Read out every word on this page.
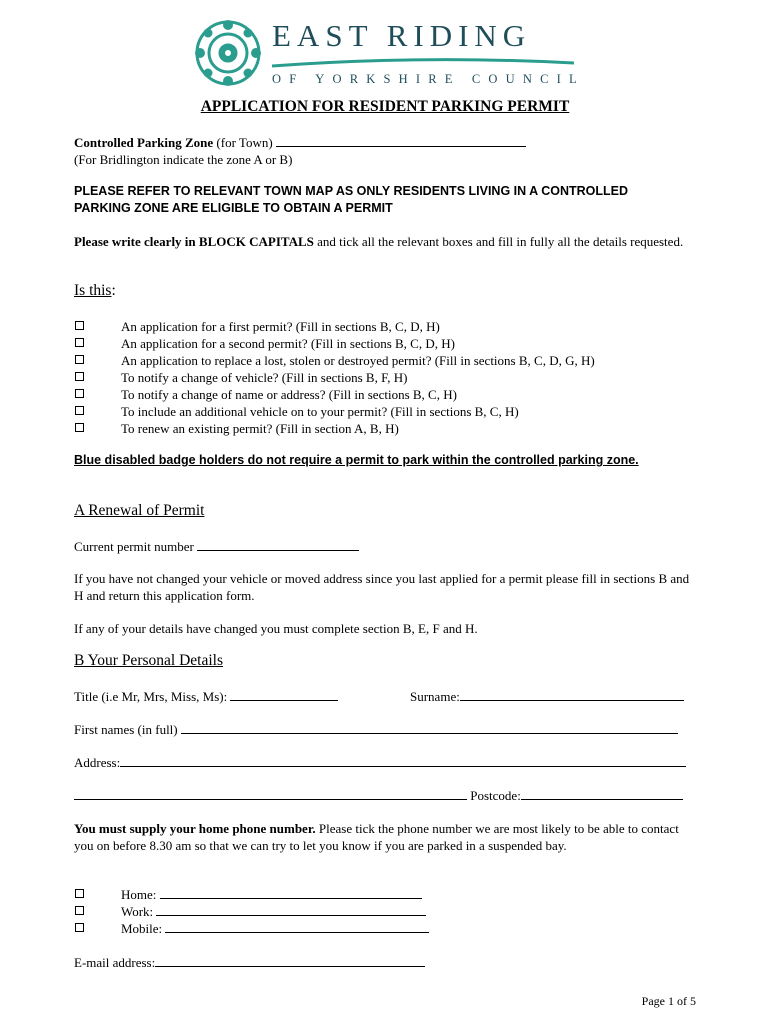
EAST RIDING
OF YORKSHIRE COUNCIL
APPLICATION FOR RESIDENT PARKING PERMIT
Controlled Parking Zone (for Town)
(For Bridlington indicate the zone A or B)
PLEASE REFER TO RELEVANT TOWN MAP AS ONLY RESIDENTS LIVING IN A CONTROLLED PARKING ZONE ARE ELIGIBLE TO OBTAIN A PERMIT
Please write clearly in BLOCK CAPITALS and tick all the relevant boxes and fill in fully all the details requested.
Is this:
An application for a first permit? (Fill in sections B, C, D, H)
An application for a second permit? (Fill in sections B, C, D, H)
An application to replace a lost, stolen or destroyed permit? (Fill in sections B, C, D, G, H)
To notify a change of vehicle? (Fill in sections B, F, H)
To notify a change of name or address? (Fill in sections B, C, H)
To include an additional vehicle on to your permit? (Fill in sections B, C, H)
To renew an existing permit? (Fill in section A, B, H)
Blue disabled badge holders do not require a permit to park within the controlled parking zone.
A Renewal of Permit
Current permit number
If you have not changed your vehicle or moved address since you last applied for a permit please fill in sections B and H and return this application form.
If any of your details have changed you must complete section B, E, F and H.
B Your Personal Details
Title (i.e Mr, Mrs, Miss, Ms):	Surname:
First names (in full)
Address:
Postcode:
You must supply your home phone number. Please tick the phone number we are most likely to be able to contact you on before 8.30 am so that we can try to let you know if you are parked in a suspended bay.
Home:
Work:
Mobile:
E-mail address:
Page 1 of 5
